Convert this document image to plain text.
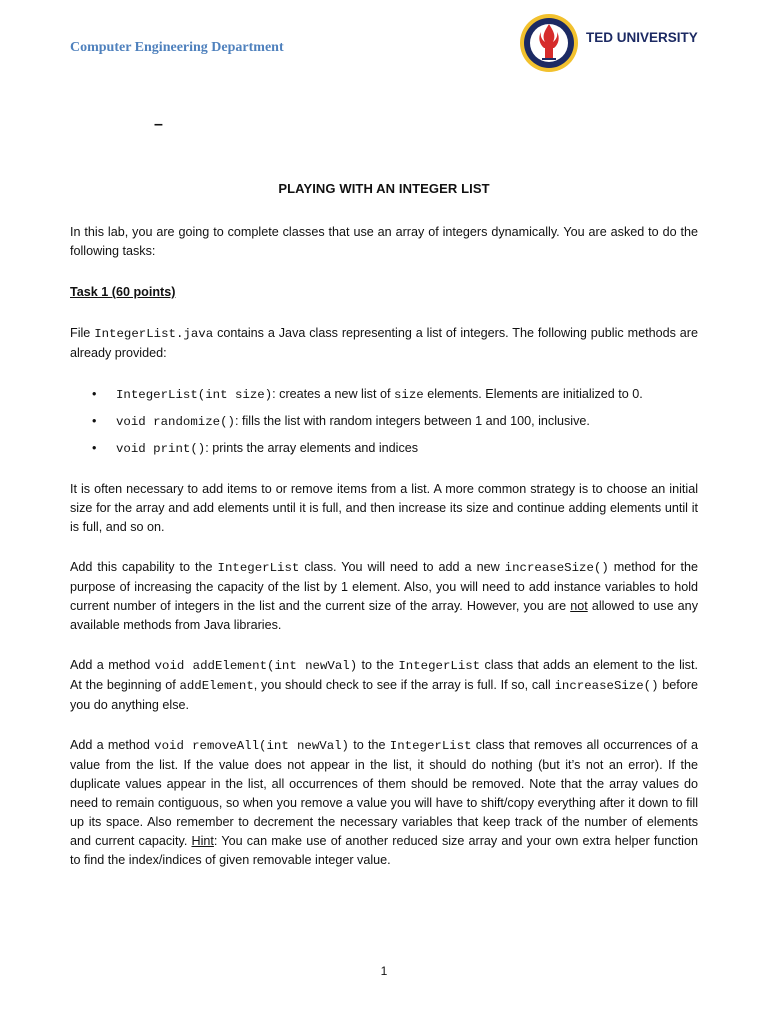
Computer Engineering Department
TED UNIVERSITY
–
PLAYING WITH AN INTEGER LIST

In this lab, you are going to complete classes that use an array of integers dynamically. You are asked to do the following tasks:

Task 1 (60 points)

File IntegerList.java contains a Java class representing a list of integers. The following public methods are already provided:

• IntegerList(int size): creates a new list of size elements. Elements are initialized to 0.
• void randomize(): fills the list with random integers between 1 and 100, inclusive.
• void print(): prints the array elements and indices

It is often necessary to add items to or remove items from a list. A more common strategy is to choose an initial size for the array and add elements until it is full, and then increase its size and continue adding elements until it is full, and so on.

Add this capability to the IntegerList class. You will need to add a new increaseSize() method for the purpose of increasing the capacity of the list by 1 element. Also, you will need to add instance variables to hold current number of integers in the list and the current size of the array. However, you are not allowed to use any available methods from Java libraries.

Add a method void addElement(int newVal) to the IntegerList class that adds an element to the list. At the beginning of addElement, you should check to see if the array is full. If so, call increaseSize() before you do anything else.

Add a method void removeAll(int newVal) to the IntegerList class that removes all occurrences of a value from the list. If the value does not appear in the list, it should do nothing (but it’s not an error). If the duplicate values appear in the list, all occurrences of them should be removed. Note that the array values do need to remain contiguous, so when you remove a value you will have to shift/copy everything after it down to fill up its space. Also remember to decrement the necessary variables that keep track of the number of elements and current capacity. Hint: You can make use of another reduced size array and your own extra helper function to find the index/indices of given removable integer value.

1
